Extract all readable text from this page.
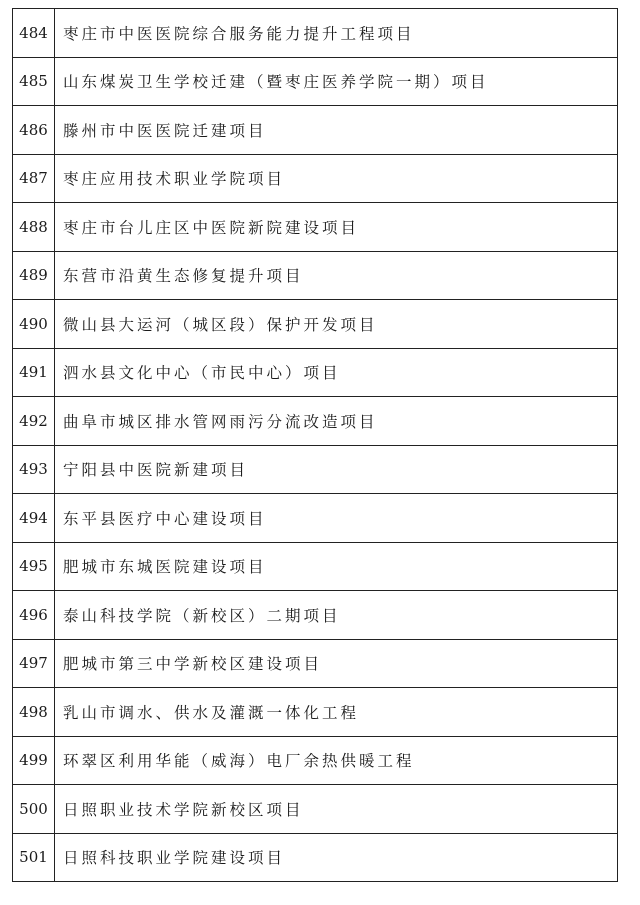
484 枣庄市中医医院综合服务能力提升工程项目
485 山东煤炭卫生学校迁建（暨枣庄医养学院一期）项目
486 滕州市中医医院迁建项目
487 枣庄应用技术职业学院项目
488 枣庄市台儿庄区中医院新院建设项目
489 东营市沿黄生态修复提升项目
490 微山县大运河（城区段）保护开发项目
491 泗水县文化中心（市民中心）项目
492 曲阜市城区排水管网雨污分流改造项目
493 宁阳县中医院新建项目
494 东平县医疗中心建设项目
495 肥城市东城医院建设项目
496 泰山科技学院（新校区）二期项目
497 肥城市第三中学新校区建设项目
498 乳山市调水、供水及灌溉一体化工程
499 环翠区利用华能（威海）电厂余热供暖工程
500 日照职业技术学院新校区项目
501 日照科技职业学院建设项目
